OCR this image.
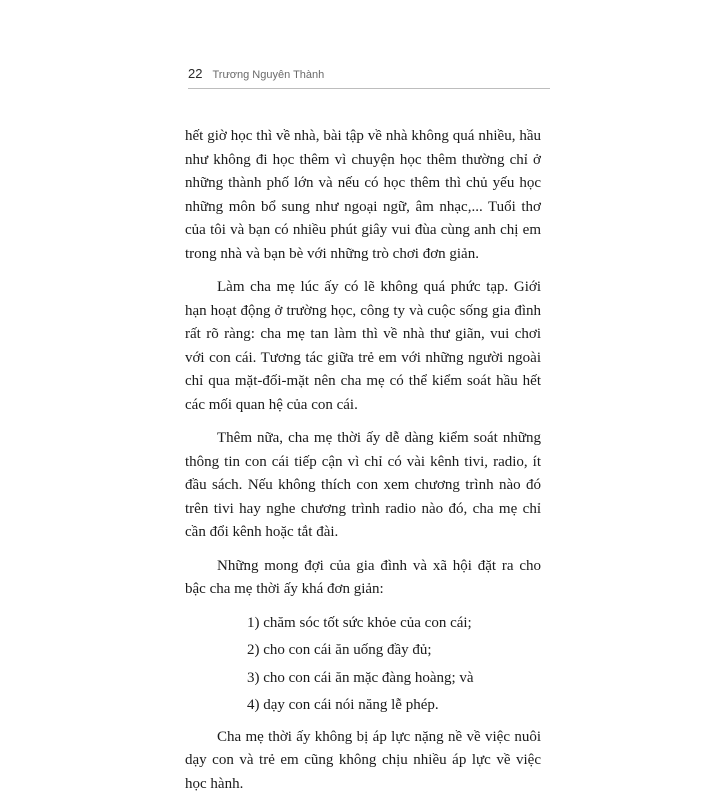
22 Trương Nguyên Thành

hết giờ học thì về nhà, bài tập về nhà không quá nhiều, hầu như không đi học thêm vì chuyện học thêm thường chỉ ở những thành phố lớn và nếu có học thêm thì chủ yếu học những môn bổ sung như ngoại ngữ, âm nhạc,... Tuổi thơ của tôi và bạn có nhiều phút giây vui đùa cùng anh chị em trong nhà và bạn bè với những trò chơi đơn giản.

Làm cha mẹ lúc ấy có lẽ không quá phức tạp. Giới hạn hoạt động ở trường học, công ty và cuộc sống gia đình rất rõ ràng: cha mẹ tan làm thì về nhà thư giãn, vui chơi với con cái. Tương tác giữa trẻ em với những người ngoài chỉ qua mặt-đối-mặt nên cha mẹ có thể kiểm soát hầu hết các mối quan hệ của con cái.

Thêm nữa, cha mẹ thời ấy dễ dàng kiểm soát những thông tin con cái tiếp cận vì chỉ có vài kênh tivi, radio, ít đầu sách. Nếu không thích con xem chương trình nào đó trên tivi hay nghe chương trình radio nào đó, cha mẹ chỉ cần đổi kênh hoặc tắt đài.

Những mong đợi của gia đình và xã hội đặt ra cho bậc cha mẹ thời ấy khá đơn giản:

1) chăm sóc tốt sức khỏe của con cái;
2) cho con cái ăn uống đầy đủ;
3) cho con cái ăn mặc đàng hoàng; và
4) dạy con cái nói năng lễ phép.

Cha mẹ thời ấy không bị áp lực nặng nề về việc nuôi dạy con và trẻ em cũng không chịu nhiều áp lực về việc học hành.
